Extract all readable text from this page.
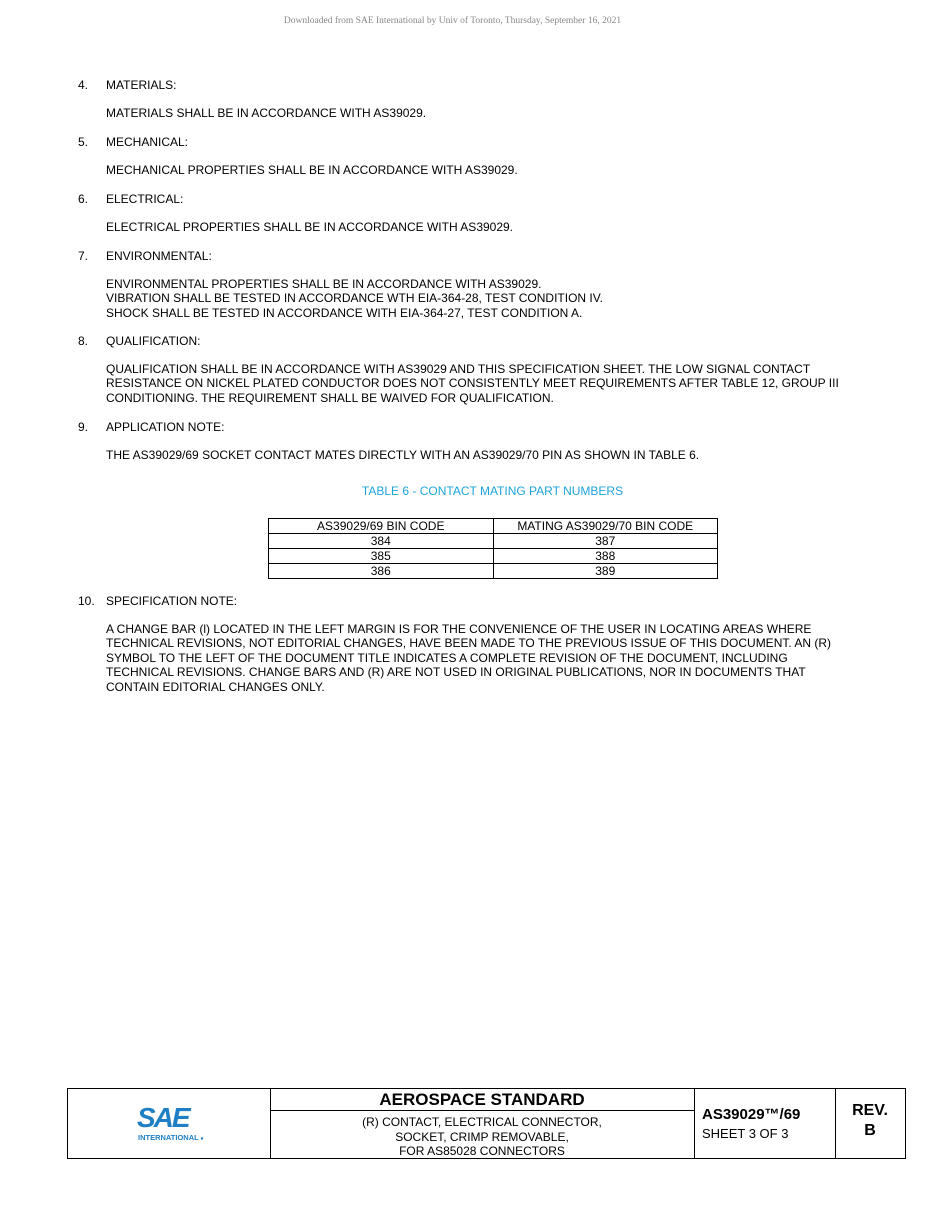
Downloaded from SAE International by Univ of Toronto, Thursday, September 16, 2021
4.	MATERIALS:

MATERIALS SHALL BE IN ACCORDANCE WITH AS39029.

5.	MECHANICAL:

MECHANICAL PROPERTIES SHALL BE IN ACCORDANCE WITH AS39029.

6.	ELECTRICAL:

ELECTRICAL PROPERTIES SHALL BE IN ACCORDANCE WITH AS39029.

7.	ENVIRONMENTAL:

ENVIRONMENTAL PROPERTIES SHALL BE IN ACCORDANCE WITH AS39029.

VIBRATION SHALL BE TESTED IN ACCORDANCE WTH EIA-364-28, TEST CONDITION IV.

SHOCK SHALL BE TESTED IN ACCORDANCE WITH EIA-364-27, TEST CONDITION A.

8.	QUALIFICATION:

QUALIFICATION SHALL BE IN ACCORDANCE WITH AS39029 AND THIS SPECIFICATION SHEET. THE LOW SIGNAL CONTACT

RESISTANCE ON NICKEL PLATED CONDUCTOR DOES NOT CONSISTENTLY MEET REQUIREMENTS AFTER TABLE 12, GROUP III

CONDITIONING. THE REQUIREMENT SHALL BE WAIVED FOR QUALIFICATION.

9.	APPLICATION NOTE:

THE AS39029/69 SOCKET CONTACT MATES DIRECTLY WITH AN AS39029/70 PIN AS SHOWN IN TABLE 6.

TABLE 6 - CONTACT MATING PART NUMBERS
AS39029/69 BIN CODE	MATING AS39029/70 BIN CODE
384	387
385	388
386	389
10. SPECIFICATION NOTE:

A CHANGE BAR (l) LOCATED IN THE LEFT MARGIN IS FOR THE CONVENIENCE OF THE USER IN LOCATING AREAS WHERE

TECHNICAL REVISIONS, NOT EDITORIAL CHANGES, HAVE BEEN MADE TO THE PREVIOUS ISSUE OF THIS DOCUMENT. AN (R)

SYMBOL TO THE LEFT OF THE DOCUMENT TITLE INDICATES A COMPLETE REVISION OF THE DOCUMENT, INCLUDING

TECHNICAL REVISIONS. CHANGE BARS AND (R) ARE NOT USED IN ORIGINAL PUBLICATIONS, NOR IN DOCUMENTS THAT

CONTAIN EDITORIAL CHANGES ONLY.

SAE
INTERNATIONAL
AEROSPACE STANDARD
(R) CONTACT, ELECTRICAL CONNECTOR,
SOCKET, CRIMP REMOVABLE,
FOR AS85028 CONNECTORS
AS39029™/69
SHEET 3 OF 3
REV.
B
